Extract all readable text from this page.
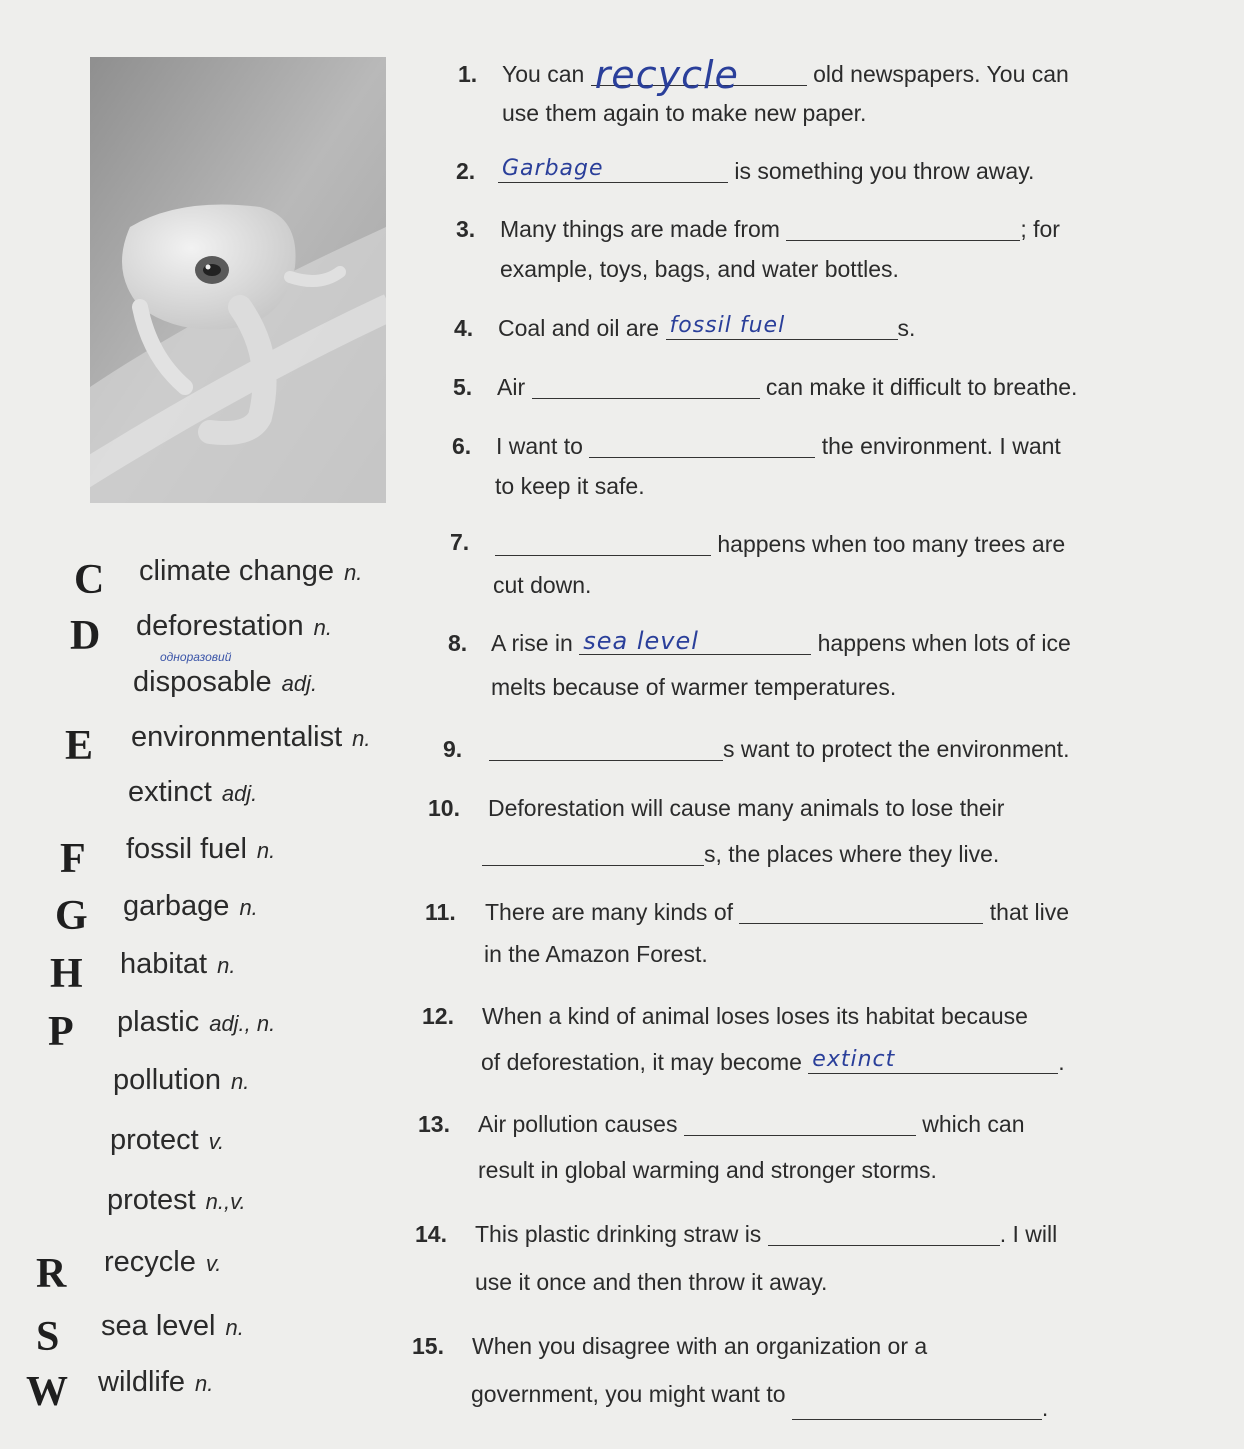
C climate change n.
D deforestation n.
одноразовий
disposable adj.
E environmentalist n.
extinct adj.
F fossil fuel n.
G garbage n.
H habitat n.
P plastic adj., n.
pollution n.
protect v.
protest n.,v.
R recycle v.
S sea level n.
W wildlife n.
1. You can recycle	old newspapers. You can
use them again to make new paper.
2. Garbage	is something you throw away.
3. Many things are made from	; for
example, toys, bags, and water bottles.
4. Coal and oil are fossil fuel	s.
5. Air	can make it difficult to breathe.
6. I want to	the environment. I want
to keep it safe.
7.	happens when too many trees are
cut down.
8. A rise in sea level	happens when lots of ice
melts because of warmer temperatures.
9.	s want to protect the environment.
10. Deforestation will cause many animals to lose their
s, the places where they live.
11. There are many kinds of	that live
in the Amazon Forest.
12. When a kind of animal loses loses its habitat because
of deforestation, it may become extinct	.
13. Air pollution causes	which can
result in global warming and stronger storms.
14. This plastic drinking straw is	. I will
use it once and then throw it away.
15. When you disagree with an organization or a
government, you might want to
.
